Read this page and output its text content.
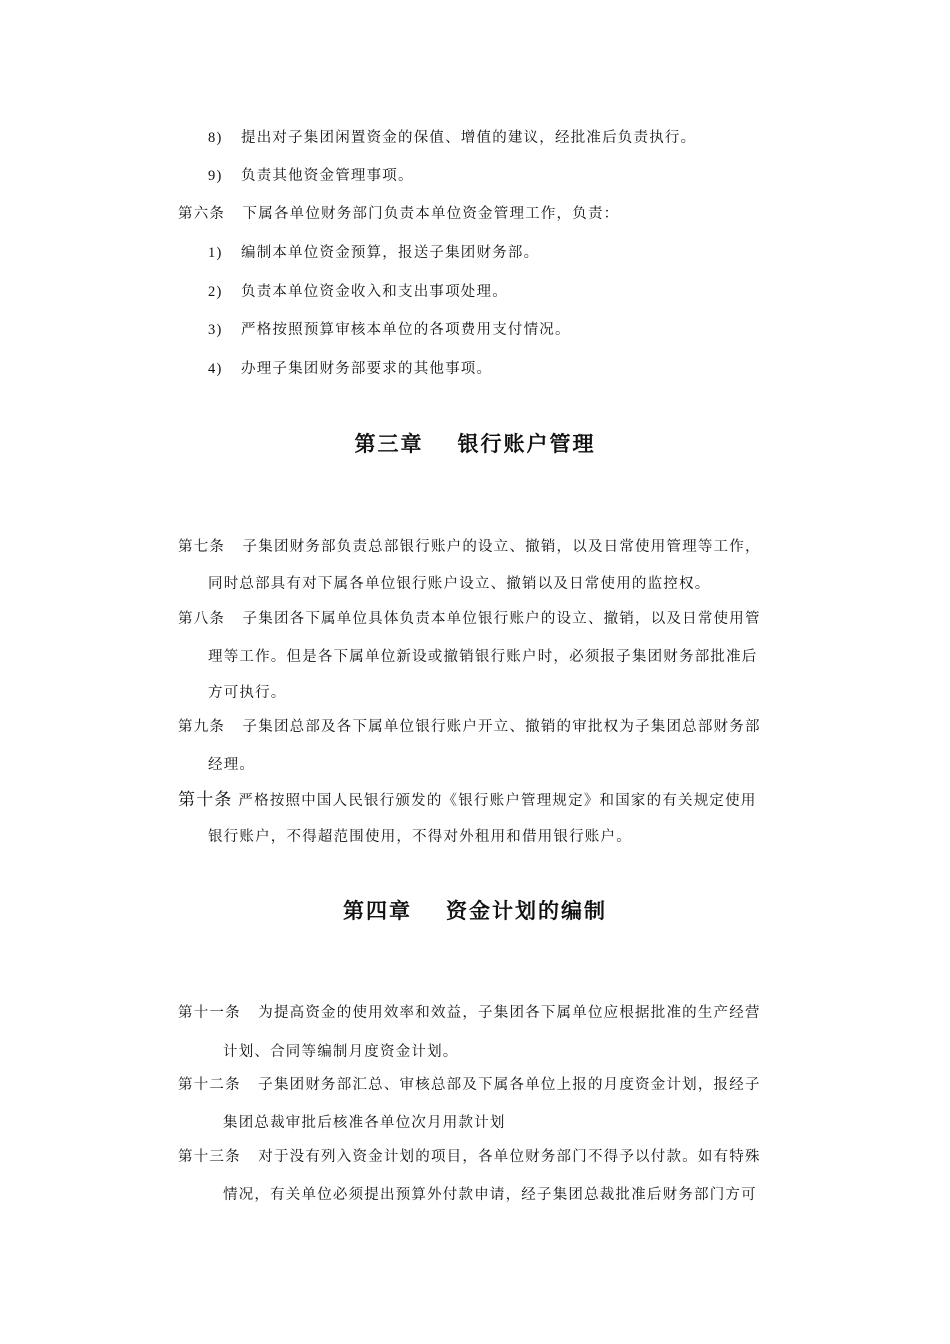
8) 提出对子集团闲置资金的保值、增值的建议，经批准后负责执行。
9) 负责其他资金管理事项。
第六条 下属各单位财务部门负责本单位资金管理工作，负责：
1) 编制本单位资金预算，报送子集团财务部。
2) 负责本单位资金收入和支出事项处理。
3) 严格按照预算审核本单位的各项费用支付情况。
4) 办理子集团财务部要求的其他事项。
第三章 银行账户管理
第七条 子集团财务部负责总部银行账户的设立、撤销，以及日常使用管理等工作，
同时总部具有对下属各单位银行账户设立、撤销以及日常使用的监控权。
第八条 子集团各下属单位具体负责本单位银行账户的设立、撤销，以及日常使用管
理等工作。但是各下属单位新设或撤销银行账户时，必须报子集团财务部批准后
方可执行。
第九条 子集团总部及各下属单位银行账户开立、撤销的审批权为子集团总部财务部
经理。
第十条 严格按照中国人民银行颁发的《银行账户管理规定》和国家的有关规定使用
银行账户，不得超范围使用，不得对外租用和借用银行账户。
第四章 资金计划的编制
第十一条 为提高资金的使用效率和效益，子集团各下属单位应根据批准的生产经营
计划、合同等编制月度资金计划。
第十二条 子集团财务部汇总、审核总部及下属各单位上报的月度资金计划，报经子
集团总裁审批后核准各单位次月用款计划
第十三条 对于没有列入资金计划的项目，各单位财务部门不得予以付款。如有特殊
情况，有关单位必须提出预算外付款申请，经子集团总裁批准后财务部门方可
